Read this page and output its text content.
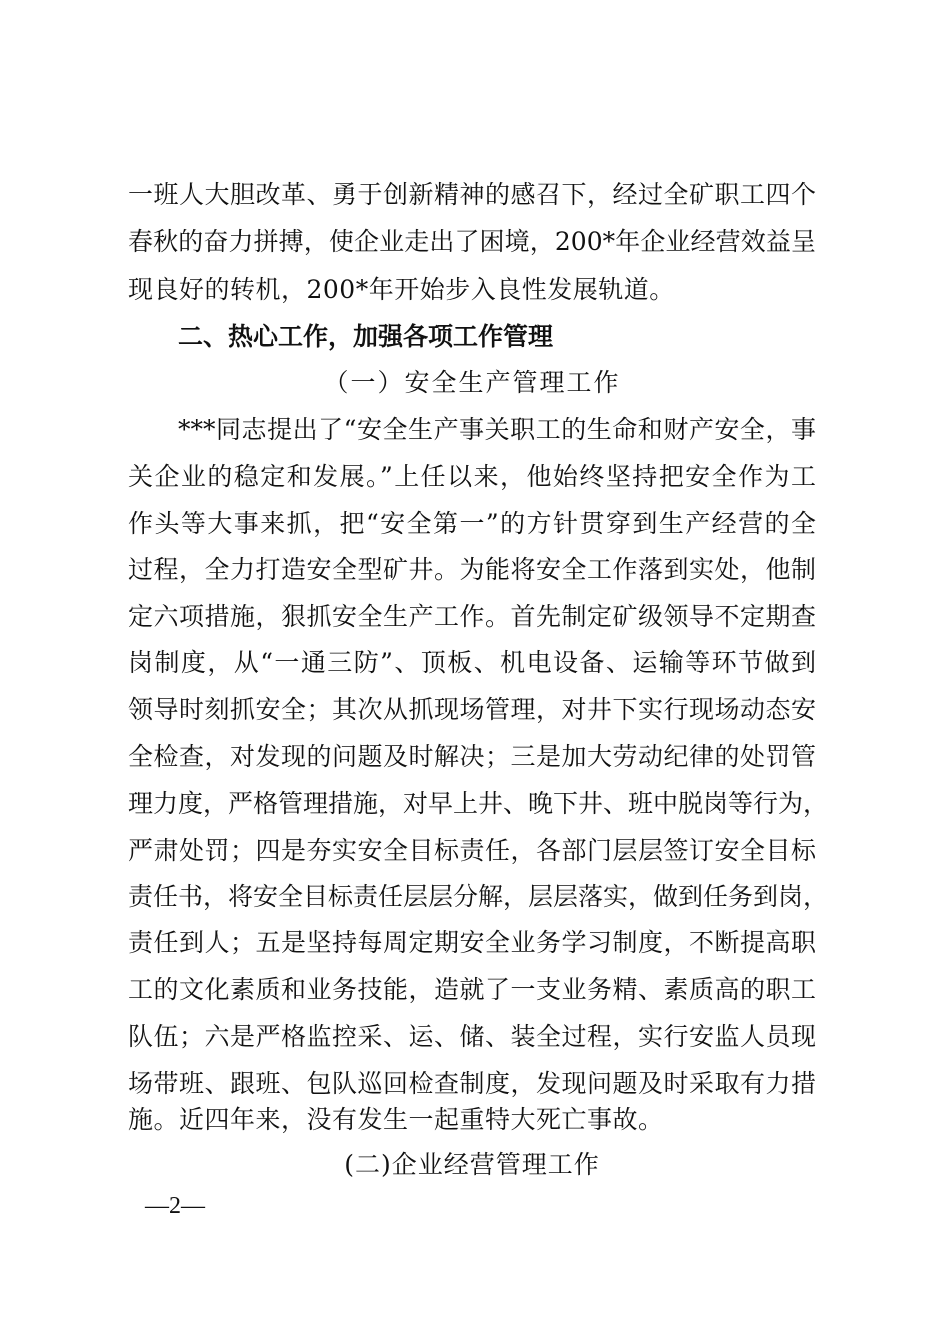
一班人大胆改革、勇于创新精神的感召下，经过全矿职工四个
春秋的奋力拼搏，使企业走出了困境，200*年企业经营效益呈
现良好的转机，200*年开始步入良性发展轨道。
二、热心工作，加强各项工作管理
（一）安全生产管理工作
***同志提出了“安全生产事关职工的生命和财产安全，事
关企业的稳定和发展。”上任以来，他始终坚持把安全作为工
作头等大事来抓，把“安全第一”的方针贯穿到生产经营的全
过程，全力打造安全型矿井。为能将安全工作落到实处，他制
定六项措施，狠抓安全生产工作。首先制定矿级领导不定期查
岗制度，从“一通三防”、顶板、机电设备、运输等环节做到
领导时刻抓安全；其次从抓现场管理，对井下实行现场动态安
全检查，对发现的问题及时解决；三是加大劳动纪律的处罚管
理力度，严格管理措施，对早上井、晚下井、班中脱岗等行为，
严肃处罚；四是夯实安全目标责任，各部门层层签订安全目标
责任书，将安全目标责任层层分解，层层落实，做到任务到岗，
责任到人；五是坚持每周定期安全业务学习制度，不断提高职
工的文化素质和业务技能，造就了一支业务精、素质高的职工
队伍；六是严格监控采、运、储、装全过程，实行安监人员现
场带班、跟班、包队巡回检查制度，发现问题及时采取有力措
施。近四年来，没有发生一起重特大死亡事故。
(二)企业经营管理工作
—2—
